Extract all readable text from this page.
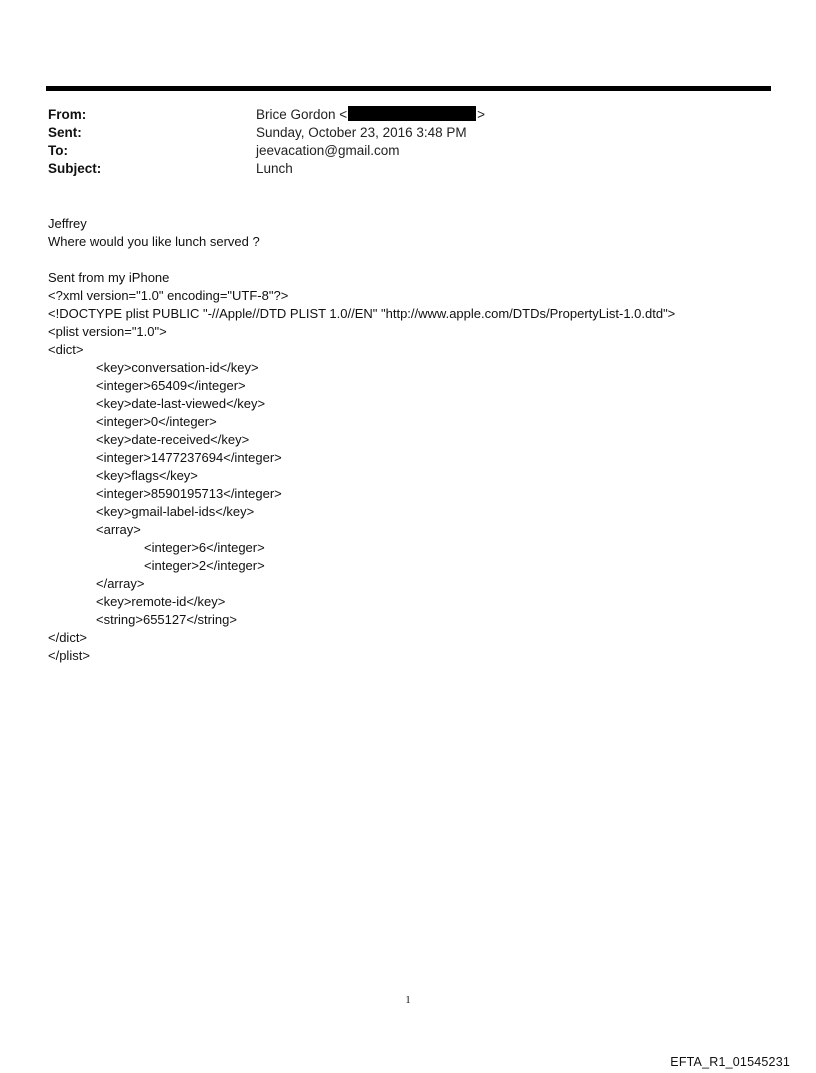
From:	Brice Gordon <	>
Sent:	Sunday, October 23, 2016 3:48 PM
To:	jeevacation@gmail.com
Subject:	Lunch
Jeffrey
Where would you like lunch served ?
Sent from my iPhone
<?xml version="1.0" encoding="UTF-8"?>
<!DOCTYPE plist PUBLIC "-//Apple//DTD PLIST 1.0//EN" "http://www.apple.com/DTDs/PropertyList-1.0.dtd">
<plist version="1.0">
<dict>
<key>conversation-id</key>
<integer>65409</integer>
<key>date-last-viewed</key>
<integer>0</integer>
<key>date-received</key>
<integer>1477237694</integer>
<key>flags</key>
<integer>8590195713</integer>
<key>gmail-label-ids</key>
<array>
<integer>6</integer>
<integer>2</integer>
</array>
<key>remote-id</key>
<string>655127</string>
</dict>
</plist>
1
EFTA_R1_01545231
